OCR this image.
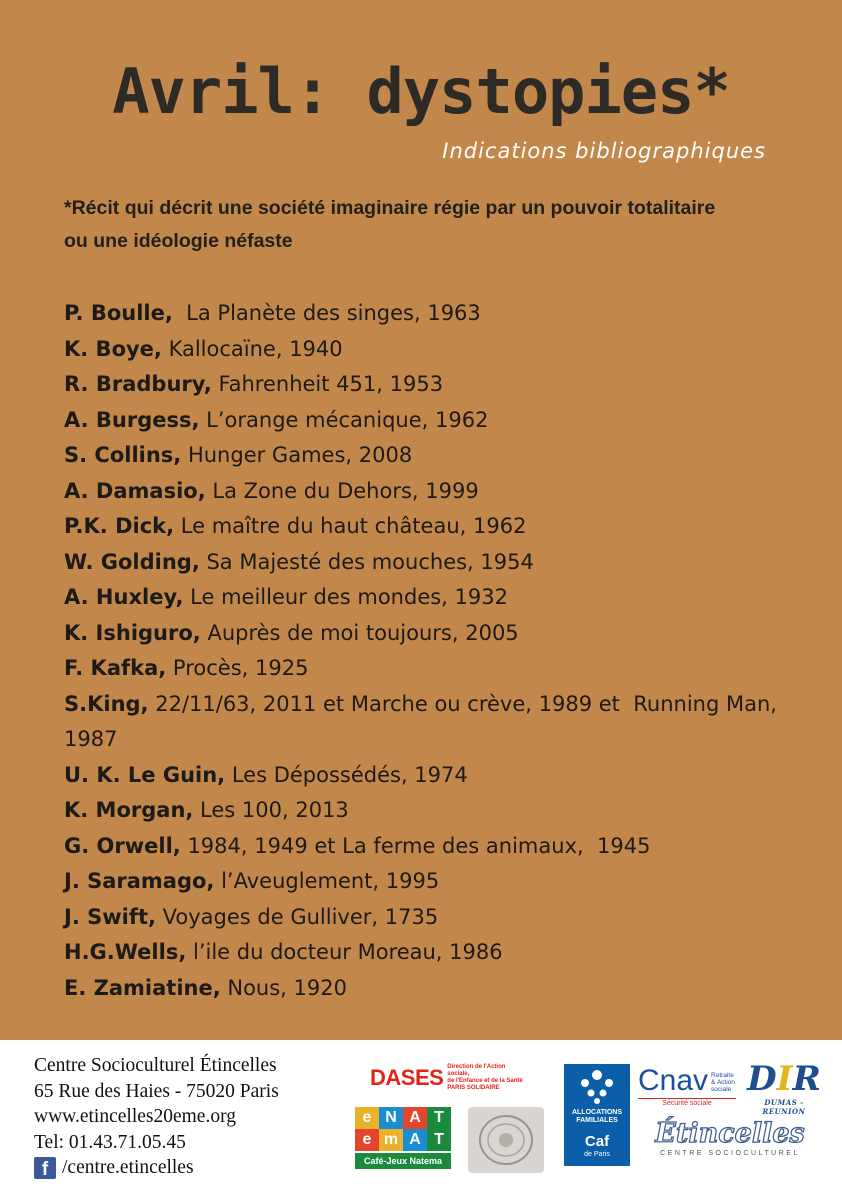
Avril: dystopies*
Indications bibliographiques
*Récit qui décrit une société imaginaire régie par un pouvoir totalitaire ou une idéologie néfaste
P. Boulle,  La Planète des singes, 1963
K. Boye, Kallocaïne, 1940
R. Bradbury, Fahrenheit 451, 1953
A. Burgess, L’orange mécanique, 1962
S. Collins, Hunger Games, 2008
A. Damasio, La Zone du Dehors, 1999
P.K. Dick, Le maître du haut château, 1962
W. Golding, Sa Majesté des mouches, 1954
A. Huxley, Le meilleur des mondes, 1932
K. Ishiguro, Auprès de moi toujours, 2005
F. Kafka, Procès, 1925
S.King, 22/11/63, 2011 et Marche ou crève, 1989 et  Running Man, 1987
U. K. Le Guin, Les Dépossédés, 1974
K. Morgan, Les 100, 2013
G. Orwell, 1984, 1949 et La ferme des animaux,  1945
J. Saramago, l’Aveuglement, 1995
J. Swift, Voyages de Gulliver, 1735
H.G.Wells, l’ile du docteur Moreau, 1986
E. Zamiatine, Nous, 1920
Centre Socioculturel Étincelles
65 Rue des Haies - 75020 Paris
www.etincelles20eme.org
Tel: 01.43.71.05.45
f /centre.etincelles
DASES Direction de l'Action sociale,
de l'Enfance et de la Santé
PARIS SOLIDAIRE
e N A T
e m A T
Café-Jeux Natema
ALLOCATIONS
FAMILIALES
Caf
de Paris
Cnav Retraite
& Action
sociale
Sécurité sociale
DIR
DUMAS - REUNION
Étincelles
CENTRE SOCIOCULTUREL
